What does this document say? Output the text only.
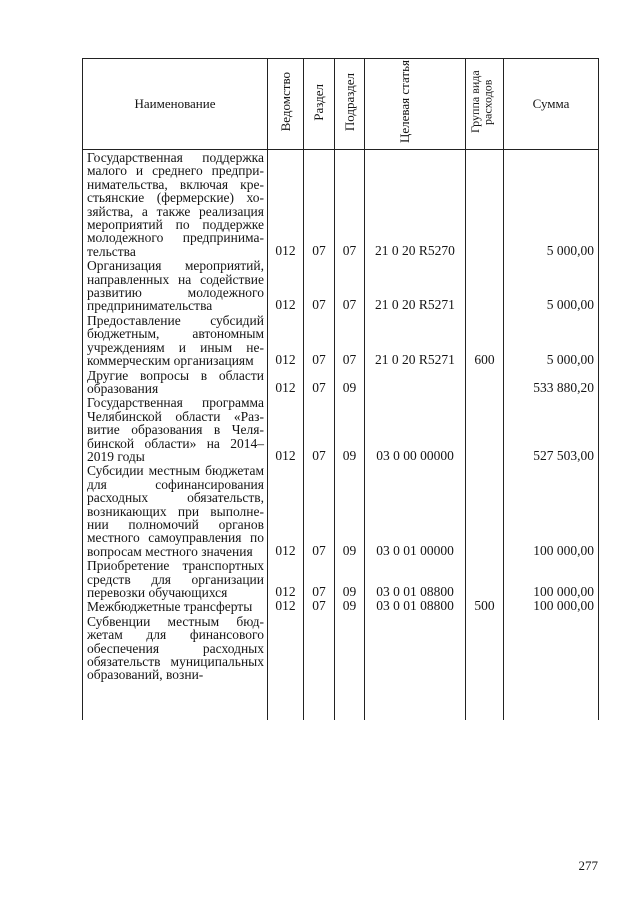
Наименование	Ведомство	Раздел	Подраздел	Целевая статья	Группа вида расходов	Сумма
Государственная поддержка малого и среднего предпринимательства, включая крестьянские (фермерские) хозяйства, а также реализация мероприятий по поддержке молодежного предпринимательства	012	07	07	21 0 20 R5270		5 000,00
Организация мероприятий, направленных на содействие развитию молодежного предпринимательства	012	07	07	21 0 20 R5271		5 000,00
Предоставление субсидий бюджетным, автономным учреждениям и иным некоммерческим организациям	012	07	07	21 0 20 R5271	600	5 000,00
Другие вопросы в области образования	012	07	09			533 880,20
Государственная программа Челябинской области «Развитие образования в Челябинской области» на 2014–2019 годы	012	07	09	03 0 00 00000		527 503,00
Субсидии местным бюджетам для софинансирования расходных обязательств, возникающих при выполнении полномочий органов местного самоуправления по вопросам местного значения	012	07	09	03 0 01 00000		100 000,00
Приобретение транспортных средств для организации перевозки обучающихся	012	07	09	03 0 01 08800		100 000,00
Межбюджетные трансферты	012	07	09	03 0 01 08800	500	100 000,00
Субвенции местным бюджетам для финансового обеспечения расходных обязательств муниципальных образований, возни-						
277
